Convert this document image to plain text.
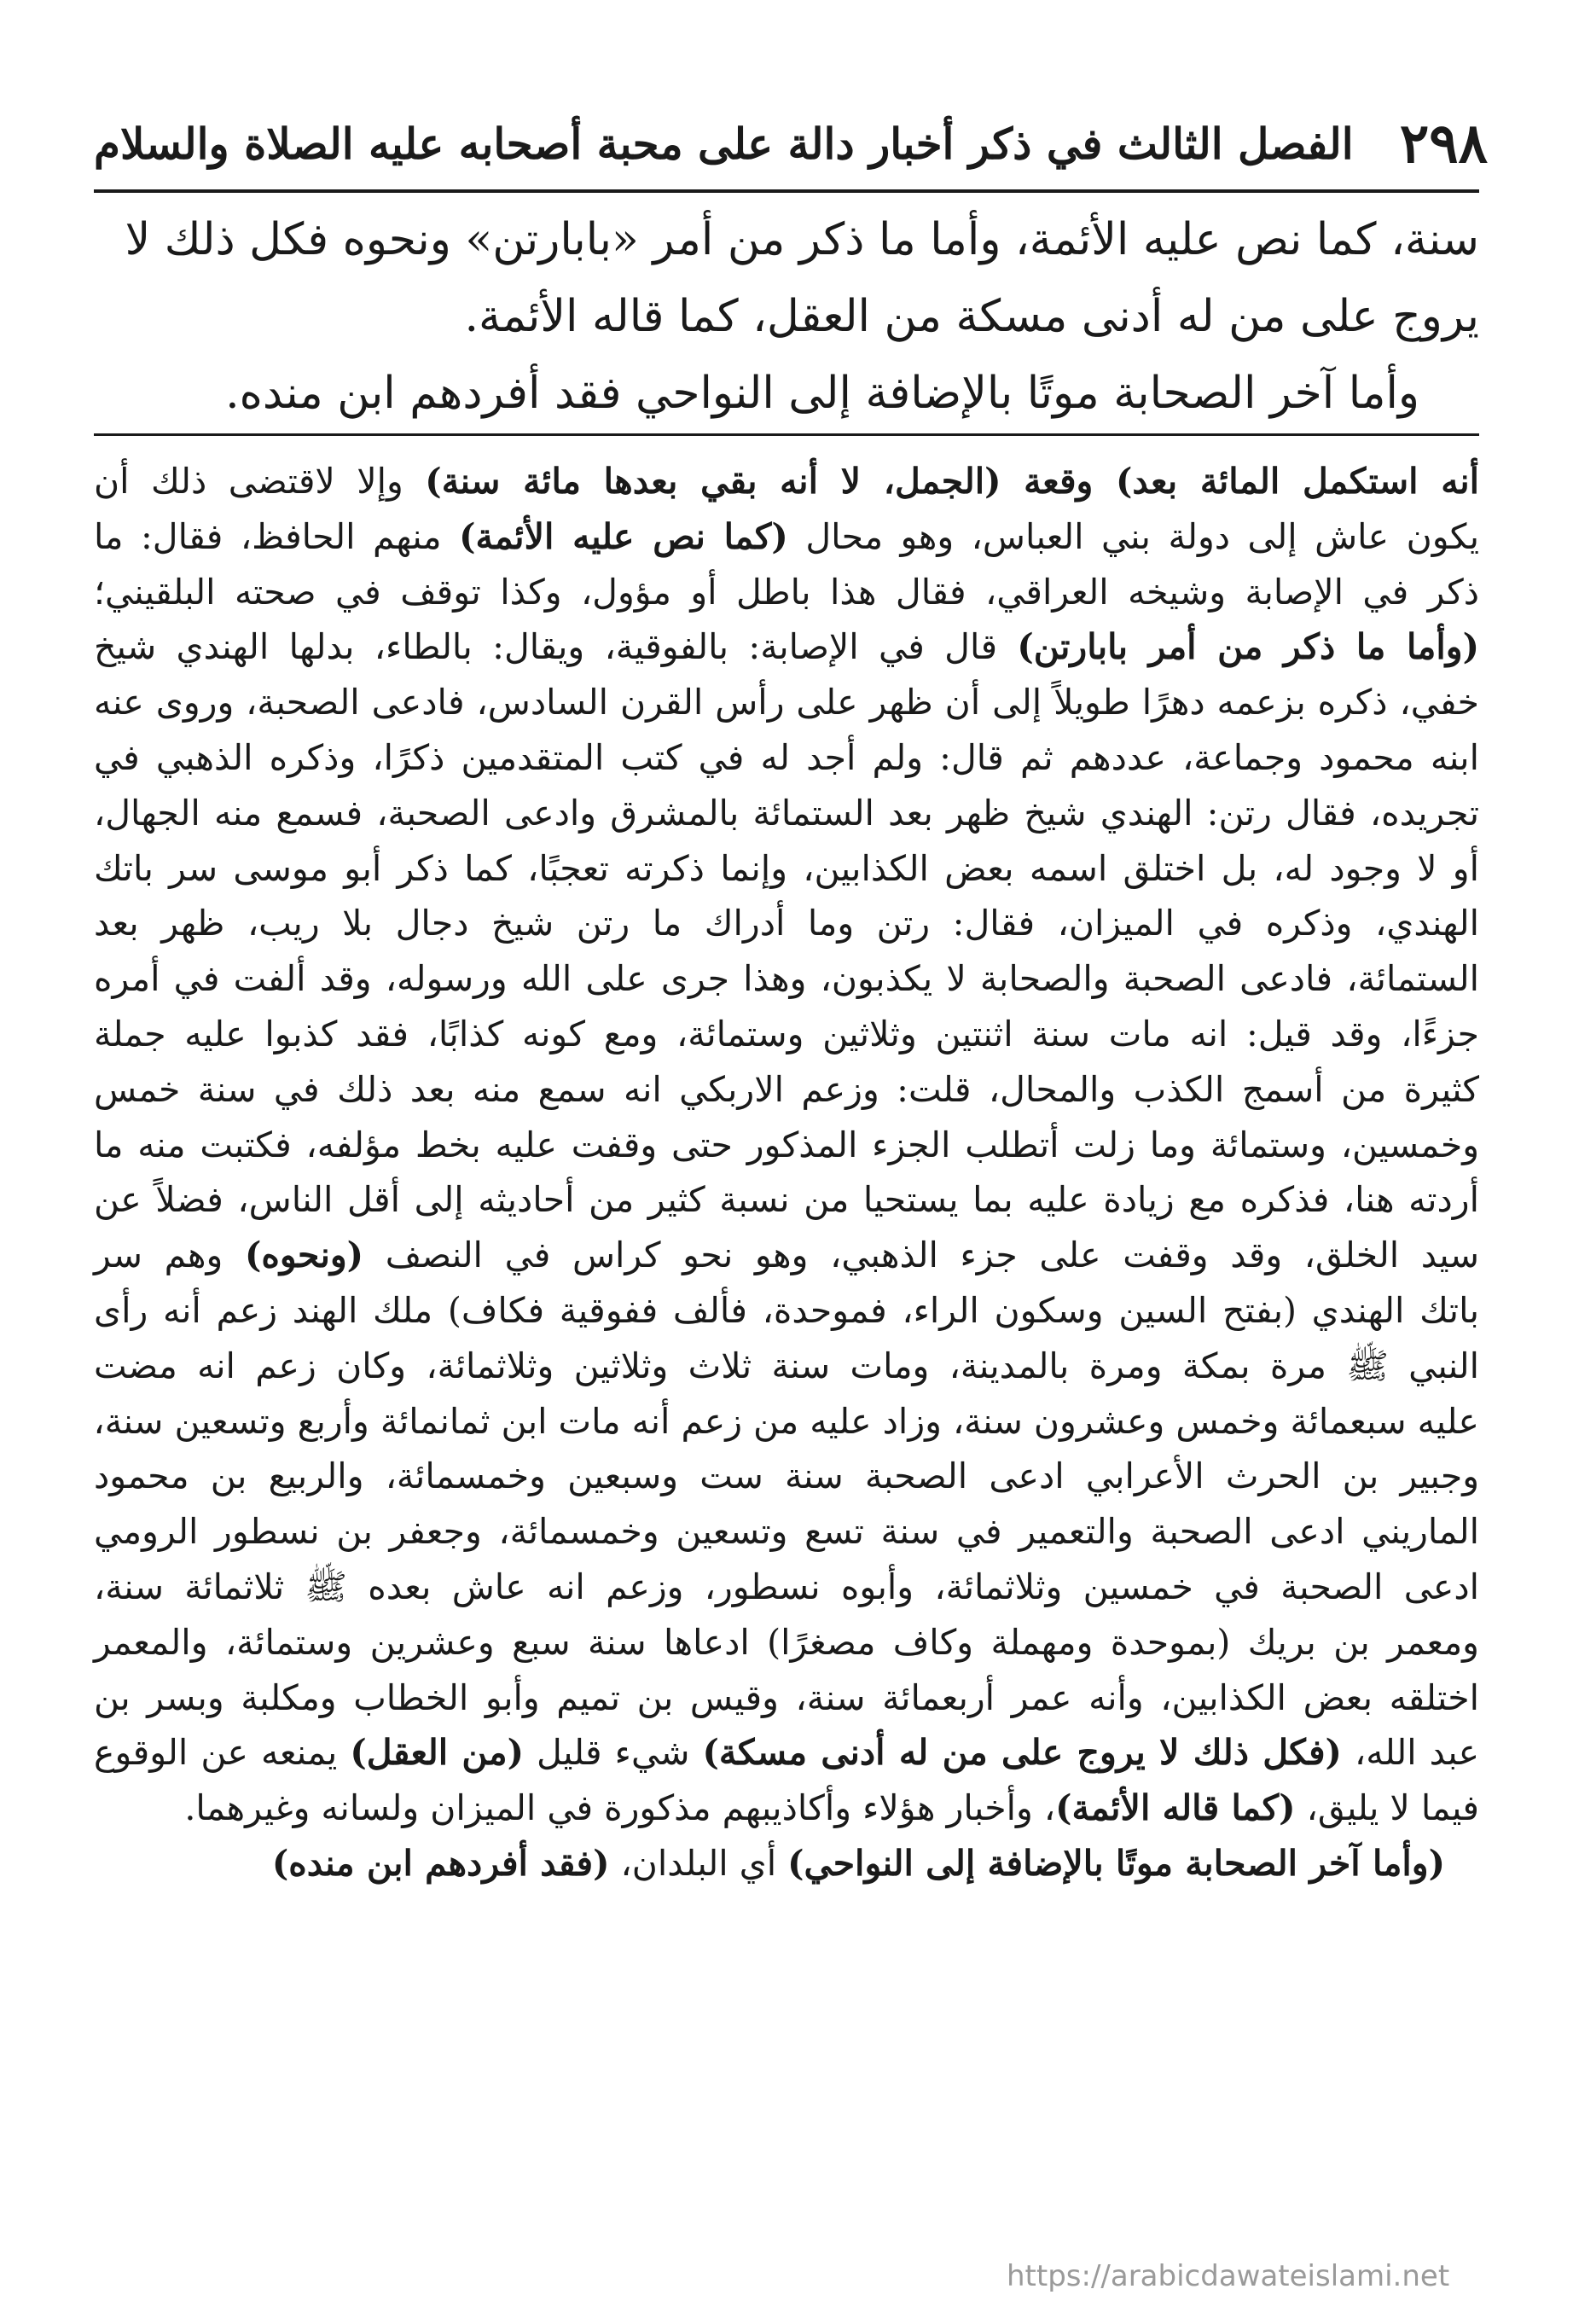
٢٩٨
الفصل الثالث في ذكر أخبار دالة على محبة أصحابه عليه الصلاة والسلام

سنة، كما نص عليه الأئمة، وأما ما ذكر من أمر «بابارتن» ونحوه فكل ذلك لا

يروج على من له أدنى مسكة من العقل، كما قاله الأئمة.

وأما آخر الصحابة موتًا بالإضافة إلى النواحي فقد أفردهم ابن منده.

أنه استكمل المائة بعد) وقعة (الجمل، لا أنه بقي بعدها مائة سنة) وإلا لاقتضى ذلك أن

يكون عاش إلى دولة بني العباس، وهو محال (كما نص عليه الأئمة) منهم الحافظ، فقال: ما

ذكر في الإصابة وشيخه العراقي، فقال هذا باطل أو مؤول، وكذا توقف في صحته البلقيني؛

(وأما ما ذكر من أمر بابارتن) قال في الإصابة: بالفوقية، ويقال: بالطاء، بدلها الهندي شيخ

خفي، ذكره بزعمه دهرًا طويلاً إلى أن ظهر على رأس القرن السادس، فادعى الصحبة، وروى عنه

ابنه محمود وجماعة، عددهم ثم قال: ولم أجد له في كتب المتقدمين ذكرًا، وذكره الذهبي في

تجريده، فقال رتن: الهندي شيخ ظهر بعد الستمائة بالمشرق وادعى الصحبة، فسمع منه الجهال،

أو لا وجود له، بل اختلق اسمه بعض الكذابين، وإنما ذكرته تعجبًا، كما ذكر أبو موسى سر باتك

الهندي، وذكره في الميزان، فقال: رتن وما أدراك ما رتن شيخ دجال بلا ريب، ظهر بعد

الستمائة، فادعى الصحبة والصحابة لا يكذبون، وهذا جرى على الله ورسوله، وقد ألفت في أمره

جزءًا، وقد قيل: انه مات سنة اثنتين وثلاثين وستمائة، ومع كونه كذابًا، فقد كذبوا عليه جملة

كثيرة من أسمج الكذب والمحال، قلت: وزعم الاربكي انه سمع منه بعد ذلك في سنة خمس

وخمسين، وستمائة وما زلت أتطلب الجزء المذكور حتى وقفت عليه بخط مؤلفه، فكتبت منه ما

أردته هنا، فذكره مع زيادة عليه بما يستحيا من نسبة كثير من أحاديثه إلى أقل الناس، فضلاً عن

سيد الخلق، وقد وقفت على جزء الذهبي، وهو نحو كراس في النصف (ونحوه) وهم سر

باتك الهندي (بفتح السين وسكون الراء، فموحدة، فألف ففوقية فكاف) ملك الهند زعم أنه رأى

النبي ﷺ مرة بمكة ومرة بالمدينة، ومات سنة ثلاث وثلاثين وثلاثمائة، وكان زعم انه مضت

عليه سبعمائة وخمس وعشرون سنة، وزاد عليه من زعم أنه مات ابن ثمانمائة وأربع وتسعين سنة،

وجبير بن الحرث الأعرابي ادعى الصحبة سنة ست وسبعين وخمسمائة، والربيع بن محمود

الماريني ادعى الصحبة والتعمير في سنة تسع وتسعين وخمسمائة، وجعفر بن نسطور الرومي

ادعى الصحبة في خمسين وثلاثمائة، وأبوه نسطور، وزعم انه عاش بعده ﷺ ثلاثمائة سنة،

ومعمر بن بريك (بموحدة ومهملة وكاف مصغرًا) ادعاها سنة سبع وعشرين وستمائة، والمعمر

اختلقه بعض الكذابين، وأنه عمر أربعمائة سنة، وقيس بن تميم وأبو الخطاب ومكلبة وبسر بن

عبد الله، (فكل ذلك لا يروج على من له أدنى مسكة) شيء قليل (من العقل) يمنعه عن الوقوع

فيما لا يليق، (كما قاله الأئمة)، وأخبار هؤلاء وأكاذيبهم مذكورة في الميزان ولسانه وغيرهما.

(وأما آخر الصحابة موتًا بالإضافة إلى النواحي) أي البلدان، (فقد أفردهم ابن منده)

https://arabicdawateislami.net
